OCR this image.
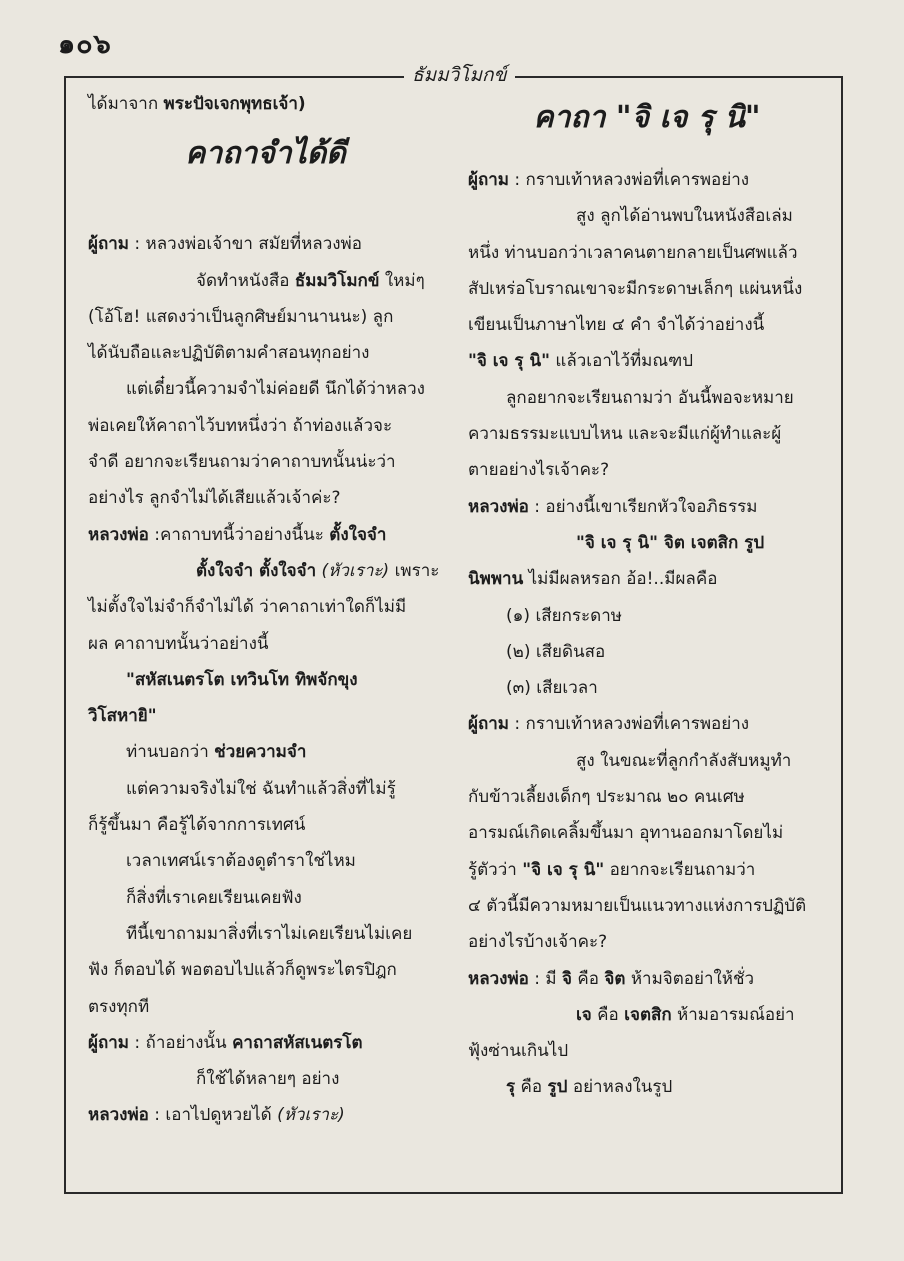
๑๐๖
ธัมมวิโมกข์

ได้มาจาก พระปัจเจกพุทธเจ้า)

คาถาจำได้ดี

ผู้ถาม : หลวงพ่อเจ้าขา สมัยที่หลวงพ่อ

จัดทำหนังสือ ธัมมวิโมกข์ ใหม่ๆ

(โอ้โฮ! แสดงว่าเป็นลูกศิษย์มานานนะ) ลูก

ได้นับถือและปฏิบัติตามคำสอนทุกอย่าง

แต่เดี๋ยวนี้ความจำไม่ค่อยดี นึกได้ว่าหลวง

พ่อเคยให้คาถาไว้บทหนึ่งว่า ถ้าท่องแล้วจะ

จำดี อยากจะเรียนถามว่าคาถาบทนั้นน่ะว่า

อย่างไร ลูกจำไม่ได้เสียแล้วเจ้าค่ะ?

หลวงพ่อ :คาถาบทนี้ว่าอย่างนี้นะ ตั้งใจจำ

ตั้งใจจำ ตั้งใจจำ (หัวเราะ) เพราะ

ไม่ตั้งใจไม่จำก็จำไม่ได้ ว่าคาถาเท่าใดก็ไม่มี

ผล คาถาบทนั้นว่าอย่างนี้

"สหัสเนตรโต เทวินโท ทิพจักขุง

วิโสหายิ"

ท่านบอกว่า ช่วยความจำ

แต่ความจริงไม่ใช่ ฉันทำแล้วสิ่งที่ไม่รู้

ก็รู้ขึ้นมา คือรู้ได้จากการเทศน์

เวลาเทศน์เราต้องดูตำราใช่ไหม

ก็สิ่งที่เราเคยเรียนเคยฟัง

ทีนี้เขาถามมาสิ่งที่เราไม่เคยเรียนไม่เคย

ฟัง ก็ตอบได้ พอตอบไปแล้วก็ดูพระไตรปิฎก

ตรงทุกที

ผู้ถาม : ถ้าอย่างนั้น คาถาสหัสเนตรโต

ก็ใช้ได้หลายๆ อย่าง

หลวงพ่อ : เอาไปดูหวยได้ (หัวเราะ)

คาถา "จิ เจ รุ นิ"

ผู้ถาม : กราบเท้าหลวงพ่อที่เคารพอย่าง

สูง ลูกได้อ่านพบในหนังสือเล่ม

หนึ่ง ท่านบอกว่าเวลาคนตายกลายเป็นศพแล้ว

สัปเหร่อโบราณเขาจะมีกระดาษเล็กๆ แผ่นหนึ่ง

เขียนเป็นภาษาไทย ๔ คำ จำได้ว่าอย่างนี้

"จิ เจ รุ นิ" แล้วเอาไว้ที่มณฑป

ลูกอยากจะเรียนถามว่า อันนี้พอจะหมาย

ความธรรมะแบบไหน และจะมีแก่ผู้ทำและผู้

ตายอย่างไรเจ้าคะ?

หลวงพ่อ : อย่างนี้เขาเรียกหัวใจอภิธรรม

"จิ เจ รุ นิ" จิต เจตสิก รูป

นิพพาน ไม่มีผลหรอก อ้อ!..มีผลคือ

(๑) เสียกระดาษ

(๒) เสียดินสอ

(๓) เสียเวลา

ผู้ถาม : กราบเท้าหลวงพ่อที่เคารพอย่าง

สูง ในขณะที่ลูกกำลังสับหมูทำ

กับข้าวเลี้ยงเด็กๆ ประมาณ ๒๐ คนเศษ

อารมณ์เกิดเคลิ้มขึ้นมา อุทานออกมาโดยไม่

รู้ตัวว่า "จิ เจ รุ นิ" อยากจะเรียนถามว่า

๔ ตัวนี้มีความหมายเป็นแนวทางแห่งการปฏิบัติ

อย่างไรบ้างเจ้าคะ?

หลวงพ่อ : มี จิ คือ จิต ห้ามจิตอย่าให้ชั่ว

เจ คือ เจตสิก ห้ามอารมณ์อย่า

ฟุ้งซ่านเกินไป

รุ คือ รูป อย่าหลงในรูป
